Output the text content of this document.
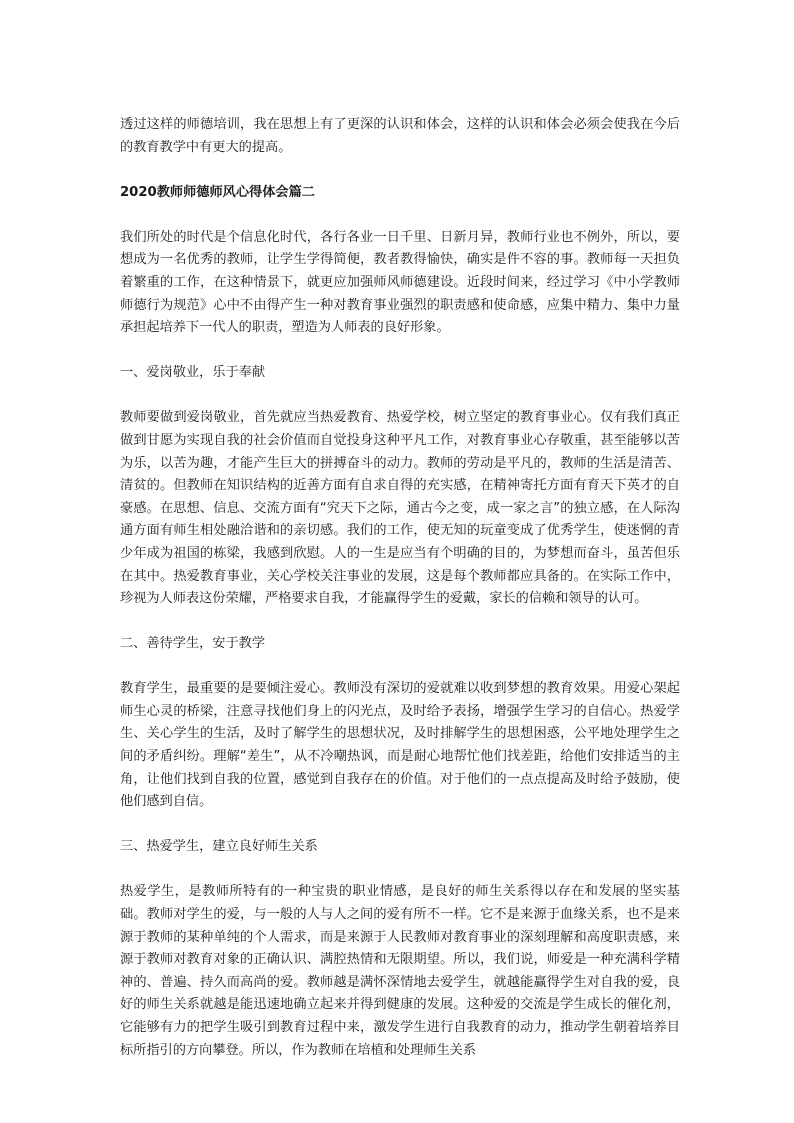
透过这样的师德培训，我在思想上有了更深的认识和体会，这样的认识和体会必须会使我在今后的教育教学中有更大的提高。

2020教师师德师风心得体会篇二

我们所处的时代是个信息化时代，各行各业一日千里、日新月异，教师行业也不例外，所以，要想成为一名优秀的教师，让学生学得简便，教者教得愉快，确实是件不容的事。教师每一天担负着繁重的工作，在这种情景下，就更应加强师风师德建设。近段时间来，经过学习《中小学教师师德行为规范》心中不由得产生一种对教育事业强烈的职责感和使命感，应集中精力、集中力量承担起培养下一代人的职责，塑造为人师表的良好形象。

一、爱岗敬业，乐于奉献

教师要做到爱岗敬业，首先就应当热爱教育、热爱学校，树立坚定的教育事业心。仅有我们真正做到甘愿为实现自我的社会价值而自觉投身这种平凡工作，对教育事业心存敬重，甚至能够以苦为乐，以苦为趣，才能产生巨大的拼搏奋斗的动力。教师的劳动是平凡的，教师的生活是清苦、清贫的。但教师在知识结构的近善方面有自求自得的充实感，在精神寄托方面有育天下英才的自豪感。在思想、信息、交流方面有“究天下之际，通古今之变，成一家之言”的独立感，在人际沟通方面有师生相处融洽谐和的亲切感。我们的工作，使无知的玩童变成了优秀学生，使迷惘的青少年成为祖国的栋梁，我感到欣慰。人的一生是应当有个明确的目的，为梦想而奋斗，虽苦但乐在其中。热爱教育事业，关心学校关注事业的发展，这是每个教师都应具备的。在实际工作中，珍视为人师表这份荣耀，严格要求自我，才能赢得学生的爱戴，家长的信赖和领导的认可。

二、善待学生，安于教学

教育学生，最重要的是要倾注爱心。教师没有深切的爱就难以收到梦想的教育效果。用爱心架起师生心灵的桥梁，注意寻找他们身上的闪光点，及时给予表扬，增强学生学习的自信心。热爱学生、关心学生的生活，及时了解学生的思想状况，及时排解学生的思想困惑，公平地处理学生之间的矛盾纠纷。理解“差生”，从不冷嘲热讽，而是耐心地帮忙他们找差距，给他们安排适当的主角，让他们找到自我的位置，感觉到自我存在的价值。对于他们的一点点提高及时给予鼓励，使他们感到自信。

三、热爱学生，建立良好师生关系

热爱学生，是教师所特有的一种宝贵的职业情感，是良好的师生关系得以存在和发展的坚实基础。教师对学生的爱，与一般的人与人之间的爱有所不一样。它不是来源于血缘关系，也不是来源于教师的某种单纯的个人需求，而是来源于人民教师对教育事业的深刻理解和高度职责感，来源于教师对教育对象的正确认识、满腔热情和无限期望。所以，我们说，师爱是一种充满科学精神的、普遍、持久而高尚的爱。教师越是满怀深情地去爱学生，就越能赢得学生对自我的爱，良好的师生关系就越是能迅速地确立起来并得到健康的发展。这种爱的交流是学生成长的催化剂，它能够有力的把学生吸引到教育过程中来，激发学生进行自我教育的动力，推动学生朝着培养目标所指引的方向攀登。所以，作为教师在培植和处理师生关系
